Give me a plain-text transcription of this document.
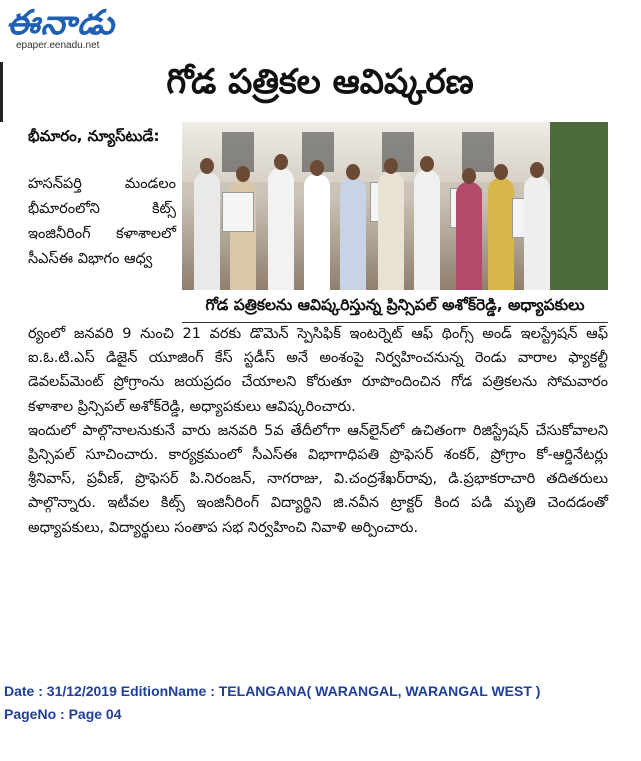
ఈనాడు
epaper.eenadu.net
గోడ పత్రికల ఆవిష్కరణ
భీమారం, న్యూస్‌టుడే:
హసన్‌పర్తి మండలం భీమారంలోని కిట్స్‌ ఇంజినీరింగ్‌ కళాశాలలో సీఎస్‌ఈ విభాగం ఆధ్వ
గోడ పత్రికలను ఆవిష్కరిస్తున్న ప్రిన్సిపల్‌ అశోక్‌రెడ్డి, అధ్యాపకులు

ర్యంలో జనవరి 9 నుంచి 21 వరకు డొమెన్‌ స్పెసిఫిక్‌ ఇంటర్నెట్‌ ఆఫ్‌ థింగ్స్‌ అండ్‌ ఇలస్ట్రేషన్‌ ఆఫ్‌ ఐ.ఓ.టి.ఎస్‌ డిజైన్‌ యూజింగ్‌ కేస్‌ స్టడీస్‌ అనే అంశంపై నిర్వహించనున్న రెండు వారాల ఫ్యాకల్టీ డెవలప్‌మెంట్‌ ప్రోగ్రాంను జయప్రదం చేయాలని కోరుతూ రూపొందించిన గోడ పత్రికలను సోమవారం కళాశాల ప్రిన్సిపల్‌ అశోక్‌రెడ్డి, అధ్యాపకులు ఆవిష్కరించారు.

ఇందులో పాల్గొనాలనుకునే వారు జనవరి 5వ తేదీలోగా ఆన్‌లైన్‌లో ఉచితంగా రిజిస్ట్రేషన్‌ చేసుకోవాలని ప్రిన్సిపల్‌ సూచించారు. కార్యక్రమంలో సీఎస్‌ఈ విభాగాధిపతి ప్రొఫెసర్‌ శంకర్‌, ప్రోగ్రాం కో-ఆర్డినేటర్లు శ్రీనివాస్‌, ప్రవీణ్‌, ప్రొఫెసర్‌ పి.నిరంజన్‌, నాగరాజు, వి.చంద్రశేఖర్‌రావు, డి.ప్రభాకరాచారి తదితరులు పాల్గొన్నారు. ఇటీవల కిట్స్‌ ఇంజినీరింగ్‌ విద్యార్థిని జి.నవీన ట్రాక్టర్‌ కింద పడి మృతి చెందడంతో అధ్యాపకులు, విద్యార్థులు సంతాప సభ నిర్వహించి నివాళి అర్పించారు.

Date : 31/12/2019 EditionName : TELANGANA( WARANGAL, WARANGAL WEST )
PageNo : Page 04
